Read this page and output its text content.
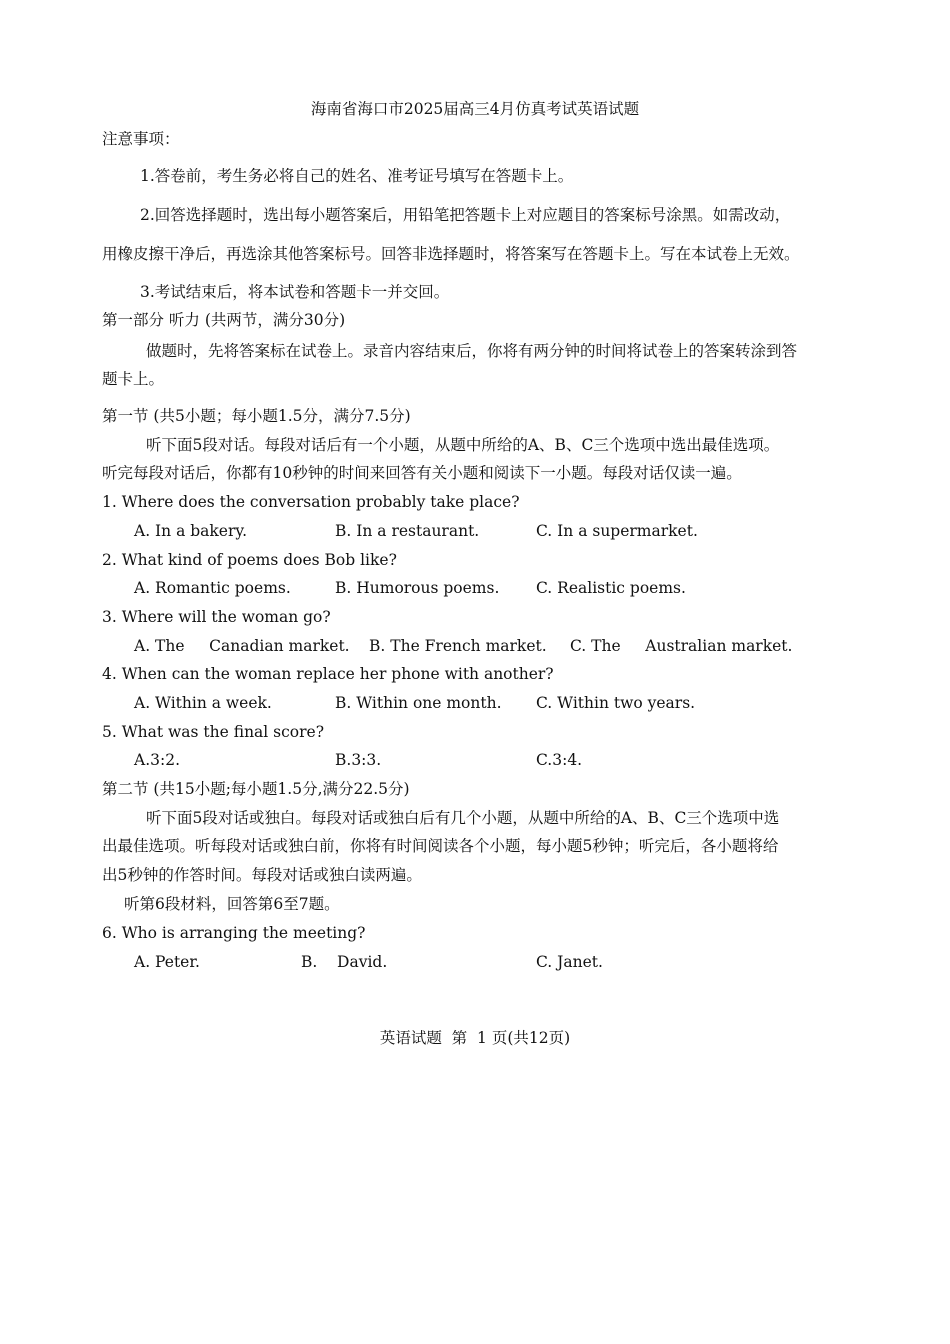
海南省海口市2025届高三4月仿真考试英语试题
注意事项：
1.答卷前，考生务必将自己的姓名、准考证号填写在答题卡上。
2.回答选择题时，选出每小题答案后，用铅笔把答题卡上对应题目的答案标号涂黑。如需改动，
用橡皮擦干净后，再选涂其他答案标号。回答非选择题时，将答案写在答题卡上。写在本试卷上无效。
3.考试结束后，将本试卷和答题卡一并交回。
第一部分 听力 (共两节，满分30分)
做题时，先将答案标在试卷上。录音内容结束后，你将有两分钟的时间将试卷上的答案转涂到答
题卡上。
第一节 (共5小题；每小题1.5分，满分7.5分)
听下面5段对话。每段对话后有一个小题，从题中所给的A、B、C三个选项中选出最佳选项。
听完每段对话后，你都有10秒钟的时间来回答有关小题和阅读下一小题。每段对话仅读一遍。
1. Where does the conversation probably take place?
A. In a bakery.	B. In a restaurant.	C. In a supermarket.
2. What kind of poems does Bob like?
A. Romantic poems.	B. Humorous poems. C. Realistic poems.
3. Where will the woman go?
A. The     Canadian market. B. The French market. C. The     Australian market.
4. When can the woman replace her phone with another?
A. Within a week.	B. Within one month. C. Within two years.
5. What was the final score?
A.3:2.	B.3:3.	C.3:4.
第二节 (共15小题;每小题1.5分,满分22.5分)
听下面5段对话或独白。每段对话或独白后有几个小题，从题中所给的A、B、C三个选项中选
出最佳选项。听每段对话或独白前，你将有时间阅读各个小题，每小题5秒钟；听完后，各小题将给
出5秒钟的作答时间。每段对话或独白读两遍。
听第6段材料，回答第6至7题。
6. Who is arranging the meeting?
A. Peter.	B.    David.	C. Janet.
英语试题  第  1 页(共12页)
